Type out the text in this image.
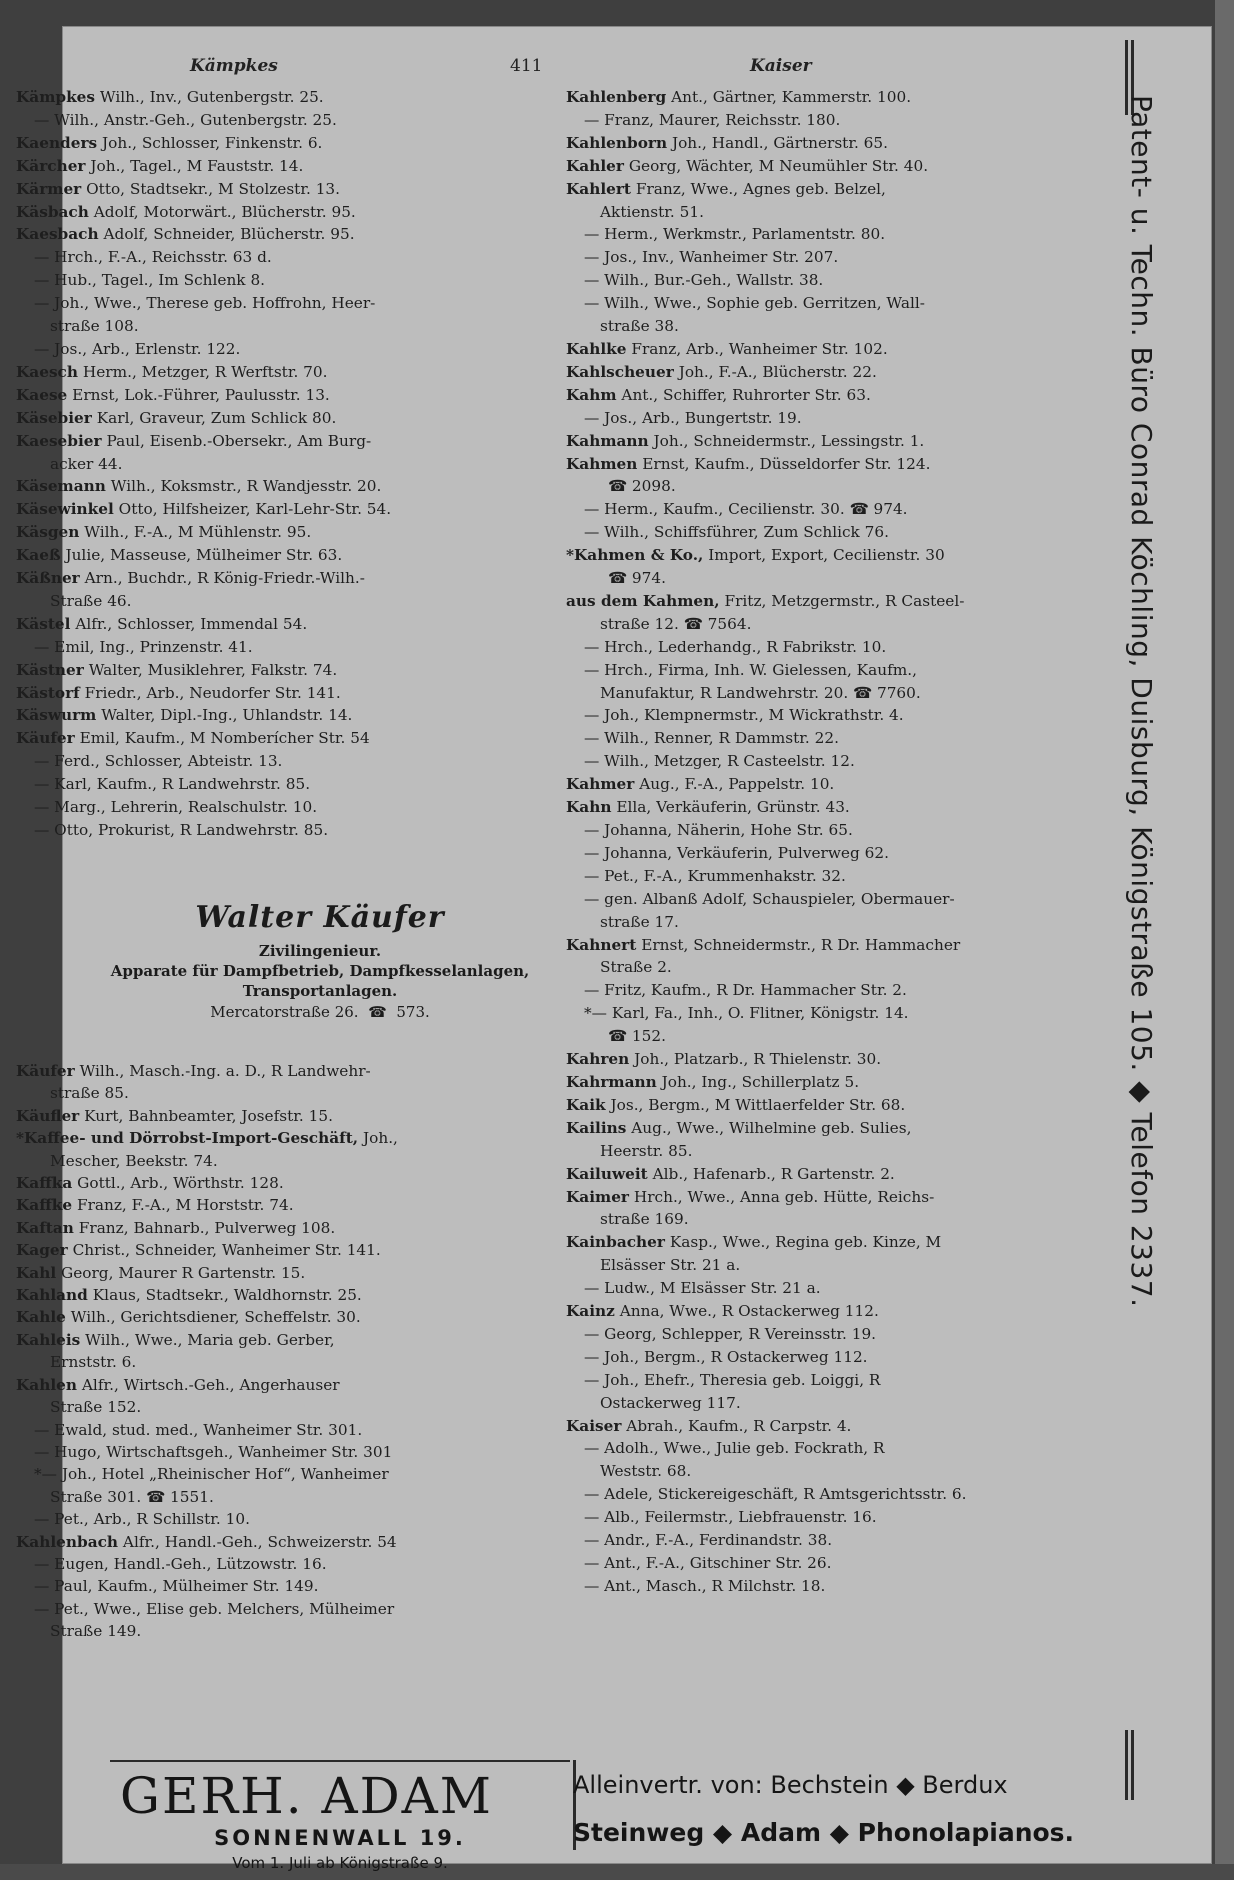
Kämpkes	411	Kaiser
Kämpkes Wilh., Inv., Gutenbergstr. 25.
— Wilh., Anstr.-Geh., Gutenbergstr. 25.
Kaenders Joh., Schlosser, Finkenstr. 6.
Kärcher Joh., Tagel., M Fauststr. 14.
Kärmer Otto, Stadtsekr., M Stolzestr. 13.
Käsbach Adolf, Motorwärt., Blücherstr. 95.
Kaesbach Adolf, Schneider, Blücherstr. 95.
— Hrch., F.-A., Reichsstr. 63 d.
— Hub., Tagel., Im Schlenk 8.
— Joh., Wwe., Therese geb. Hoffrohn, Heer-
straße 108.
— Jos., Arb., Erlenstr. 122.
Kaesch Herm., Metzger, R Werftstr. 70.
Kaese Ernst, Lok.-Führer, Paulusstr. 13.
Käsebier Karl, Graveur, Zum Schlick 80.
Kaesebier Paul, Eisenb.-Obersekr., Am Burg-
acker 44.
Käsemann Wilh., Koksmstr., R Wandjesstr. 20.
Käsewinkel Otto, Hilfsheizer, Karl-Lehr-Str. 54.
Käsgen Wilh., F.-A., M Mühlenstr. 95.
Kaeß Julie, Masseuse, Mülheimer Str. 63.
Käßner Arn., Buchdr., R König-Friedr.-Wilh.-
Straße 46.
Kästel Alfr., Schlosser, Immendal 54.
— Emil, Ing., Prinzenstr. 41.
Kästner Walter, Musiklehrer, Falkstr. 74.
Kästorf Friedr., Arb., Neudorfer Str. 141.
Käswurm Walter, Dipl.-Ing., Uhlandstr. 14.
Käufer Emil, Kaufm., M Nomberícher Str. 54
— Ferd., Schlosser, Abteistr. 13.
— Karl, Kaufm., R Landwehrstr. 85.
— Marg., Lehrerin, Realschulstr. 10.
— Otto, Prokurist, R Landwehrstr. 85.
Walter Käufer
Zivilingenieur.
Apparate für Dampfbetrieb, Dampfkesselanlagen,
Transportanlagen.
Mercatorstraße 26.  ☎  573.
Käufer Wilh., Masch.-Ing. a. D., R Landwehr-
straße 85.
Käufler Kurt, Bahnbeamter, Josefstr. 15.
*Kaffee- und Dörrobst-Import-Geschäft, Joh.,
Mescher, Beekstr. 74.
Kaffka Gottl., Arb., Wörthstr. 128.
Kaffke Franz, F.-A., M Horststr. 74.
Kaftan Franz, Bahnarb., Pulverweg 108.
Kager Christ., Schneider, Wanheimer Str. 141.
Kahl Georg, Maurer R Gartenstr. 15.
Kahland Klaus, Stadtsekr., Waldhornstr. 25.
Kahle Wilh., Gerichtsdiener, Scheffelstr. 30.
Kahleis Wilh., Wwe., Maria geb. Gerber,
Ernststr. 6.
Kahlen Alfr., Wirtsch.-Geh., Angerhauser
Straße 152.
— Ewald, stud. med., Wanheimer Str. 301.
— Hugo, Wirtschaftsgeh., Wanheimer Str. 301
*— Joh., Hotel „Rheinischer Hof“, Wanheimer
Straße 301. ☎ 1551.
— Pet., Arb., R Schillstr. 10.
Kahlenbach Alfr., Handl.-Geh., Schweizerstr. 54
— Eugen, Handl.-Geh., Lützowstr. 16.
— Paul, Kaufm., Mülheimer Str. 149.
— Pet., Wwe., Elise geb. Melchers, Mülheimer
Straße 149.
Kahlenberg Ant., Gärtner, Kammerstr. 100.
— Franz, Maurer, Reichsstr. 180.
Kahlenborn Joh., Handl., Gärtnerstr. 65.
Kahler Georg, Wächter, M Neumühler Str. 40.
Kahlert Franz, Wwe., Agnes geb. Belzel,
Aktienstr. 51.
— Herm., Werkmstr., Parlamentstr. 80.
— Jos., Inv., Wanheimer Str. 207.
— Wilh., Bur.-Geh., Wallstr. 38.
— Wilh., Wwe., Sophie geb. Gerritzen, Wall-
straße 38.
Kahlke Franz, Arb., Wanheimer Str. 102.
Kahlscheuer Joh., F.-A., Blücherstr. 22.
Kahm Ant., Schiffer, Ruhrorter Str. 63.
— Jos., Arb., Bungertstr. 19.
Kahmann Joh., Schneidermstr., Lessingstr. 1.
Kahmen Ernst, Kaufm., Düsseldorfer Str. 124.
☎ 2098.
— Herm., Kaufm., Cecilienstr. 30. ☎ 974.
— Wilh., Schiffsführer, Zum Schlick 76.
*Kahmen & Ko., Import, Export, Cecilienstr. 30
☎ 974.
aus dem Kahmen, Fritz, Metzgermstr., R Casteel-
straße 12. ☎ 7564.
— Hrch., Lederhandg., R Fabrikstr. 10.
— Hrch., Firma, Inh. W. Gielessen, Kaufm.,
Manufaktur, R Landwehrstr. 20. ☎ 7760.
— Joh., Klempnermstr., M Wickrathstr. 4.
— Wilh., Renner, R Dammstr. 22.
— Wilh., Metzger, R Casteelstr. 12.
Kahmer Aug., F.-A., Pappelstr. 10.
Kahn Ella, Verkäuferin, Grünstr. 43.
— Johanna, Näherin, Hohe Str. 65.
— Johanna, Verkäuferin, Pulverweg 62.
— Pet., F.-A., Krummenhakstr. 32.
— gen. Albanß Adolf, Schauspieler, Obermauer-
straße 17.
Kahnert Ernst, Schneidermstr., R Dr. Hammacher
Straße 2.
— Fritz, Kaufm., R Dr. Hammacher Str. 2.
*— Karl, Fa., Inh., O. Flitner, Königstr. 14.
☎ 152.
Kahren Joh., Platzarb., R Thielenstr. 30.
Kahrmann Joh., Ing., Schillerplatz 5.
Kaik Jos., Bergm., M Wittlaerfelder Str. 68.
Kailins Aug., Wwe., Wilhelmine geb. Sulies,
Heerstr. 85.
Kailuweit Alb., Hafenarb., R Gartenstr. 2.
Kaimer Hrch., Wwe., Anna geb. Hütte, Reichs-
straße 169.
Kainbacher Kasp., Wwe., Regina geb. Kinze, M
Elsässer Str. 21 a.
— Ludw., M Elsässer Str. 21 a.
Kainz Anna, Wwe., R Ostackerweg 112.
— Georg, Schlepper, R Vereinsstr. 19.
— Joh., Bergm., R Ostackerweg 112.
— Joh., Ehefr., Theresia geb. Loiggi, R
Ostackerweg 117.
Kaiser Abrah., Kaufm., R Carpstr. 4.
— Adolh., Wwe., Julie geb. Fockrath, R
Weststr. 68.
— Adele, Stickereigeschäft, R Amtsgerichtsstr. 6.
— Alb., Feilermstr., Liebfrauenstr. 16.
— Andr., F.-A., Ferdinandstr. 38.
— Ant., F.-A., Gitschiner Str. 26.
— Ant., Masch., R Milchstr. 18.
Patent- u. Techn. Büro Conrad Köchling, Duisburg, Königstraße 105. ◆ Telefon 2337.
GERH. ADAM
SONNENWALL 19.
Vom 1. Juli ab Königstraße 9.
Alleinvertr. von: Bechstein ◆ Berdux
Steinweg ◆ Adam ◆ Phonolapianos.
